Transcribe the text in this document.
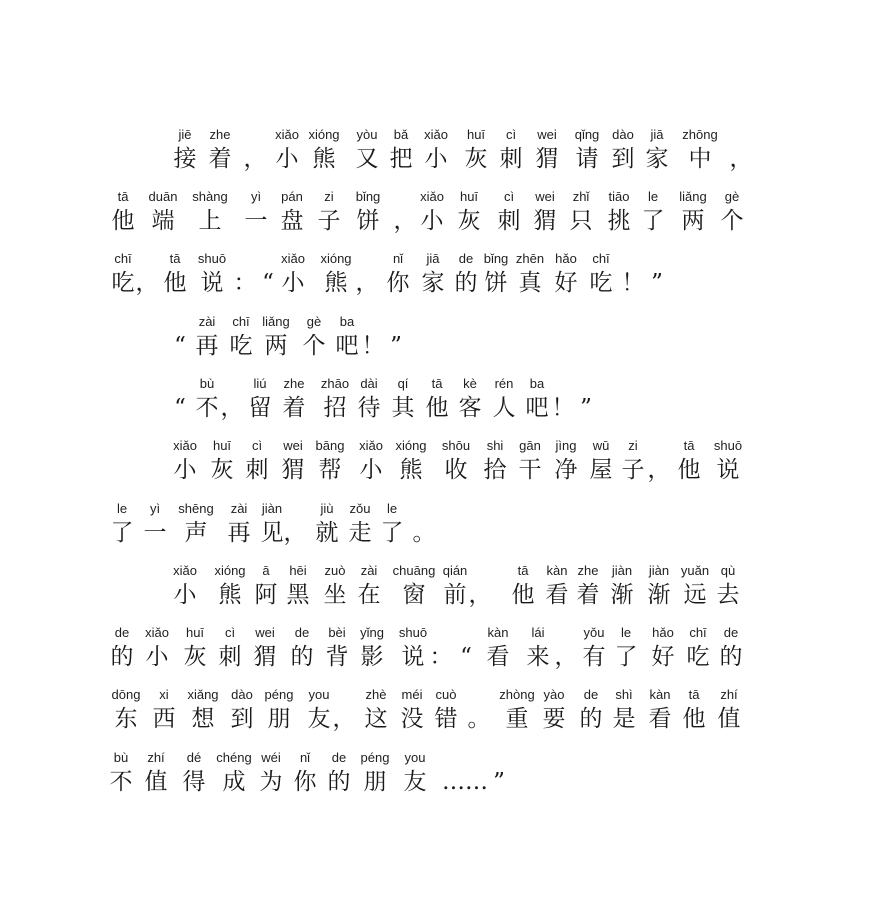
jiē
接
zhe
着 ，
xiǎo
小
xióng
熊
yòu
又
bǎ
把
xiǎo
小
huī
灰
cì
刺
wei
猬
qǐng
请
dào
到
jiā
家
zhōng
中 ，
tā
他
duān
端
shàng
上
yì
一
pán
盘
zi
子
bǐng
饼 ，
xiǎo
小
huī
灰
cì
刺
wei
猬
zhǐ
只
tiāo
挑
le
了
liǎng
两
gè
个
chī
吃 ，
tā
他
shuō
说 ： “
xiǎo
小
xióng
熊 ，
nǐ
你
jiā
家
de
的
bǐng
饼
zhēn
真
hǎo
好
chī
吃 ！ ”
“
zài
再
chī
吃
liǎng
两
gè
个
ba
吧 ！ ”
“
bù
不 ，
liú
留
zhe
着
zhāo
招
dài
待
qí
其
tā
他
kè
客
rén
人
ba
吧 ！ ”
xiǎo
小
huī
灰
cì
刺
wei
猬
bāng
帮
xiǎo
小
xióng
熊
shōu
收
shi
拾
gān
干
jìng
净
wū
屋
zi
子 ，
tā
他
shuō
说
le
了
yì
一
shēng
声
zài
再
jiàn
见 ，
jiù
就
zǒu
走
le
了 。
xiǎo
小
xióng
熊
ā
阿
hēi
黑
zuò
坐
zài
在
chuāng
窗
qián
前 ，
tā
他
kàn
看
zhe
着
jiàn
渐
jiàn
渐
yuǎn
远
qù
去
de
的
xiǎo
小
huī
灰
cì
刺
wei
猬
de
的
bèi
背
yǐng
影
shuō
说 ： “
kàn
看
lái
来 ，
yǒu
有
le
了
hǎo
好
chī
吃
de
的
dōng
东
xi
西
xiǎng
想
dào
到
péng
朋
you
友 ，
zhè
这
méi
没
cuò
错 。
zhòng
重
yào
要
de
的
shì
是
kàn
看
tā
他
zhí
值
bù
不
zhí
值
dé
得
chéng
成
wéi
为
nǐ
你
de
的
péng
朋
you
友 …… ”
